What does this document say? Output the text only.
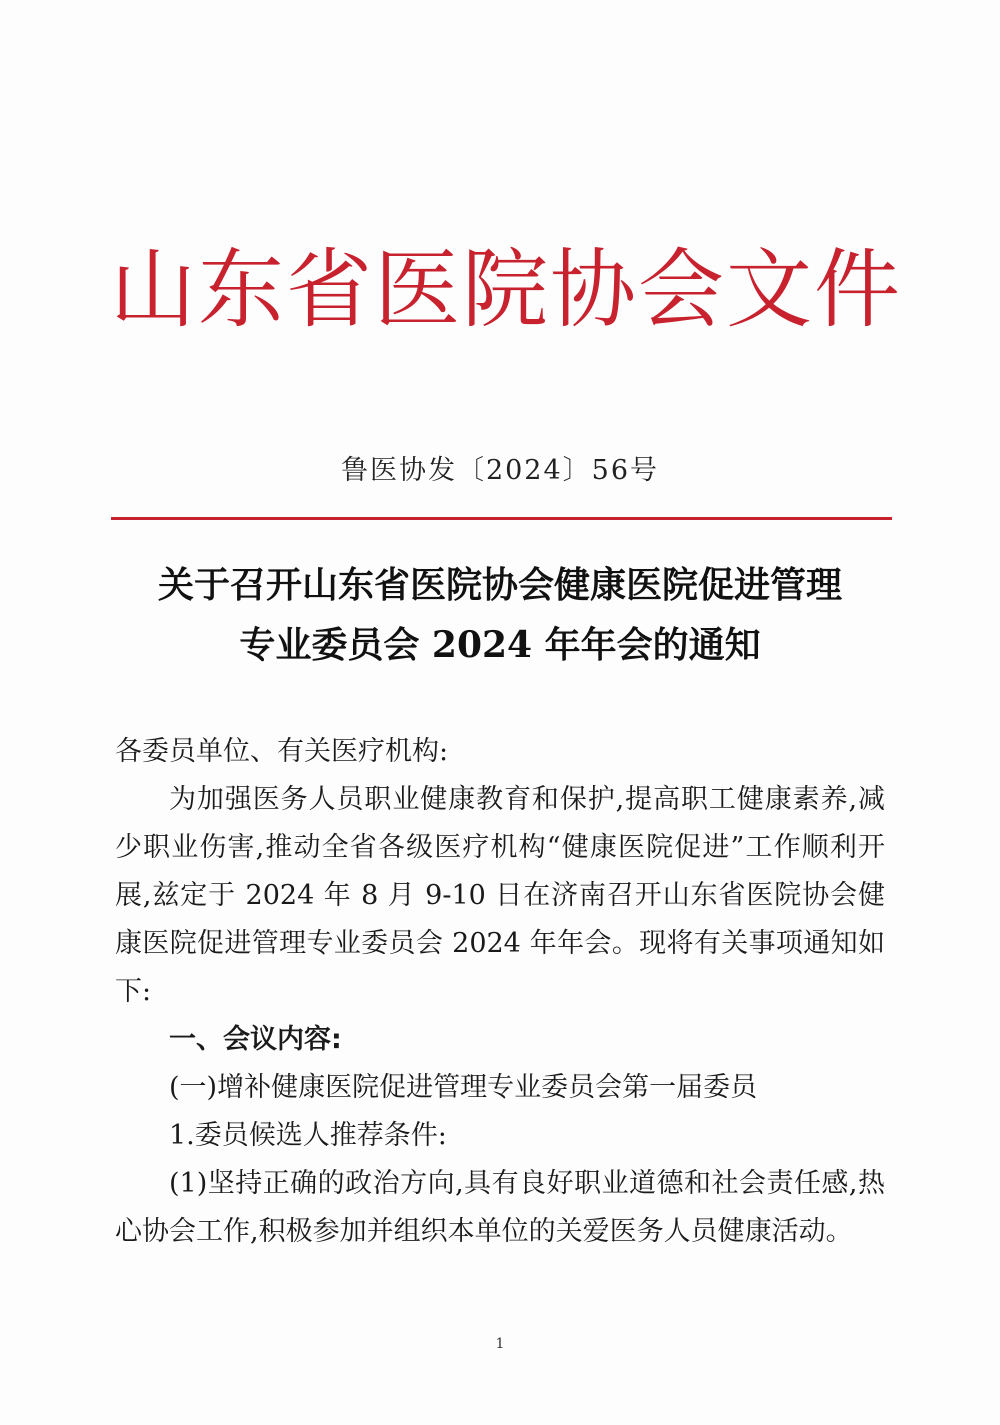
山东省医院协会文件
鲁医协发〔2024〕56号
关于召开山东省医院协会健康医院促进管理
专业委员会 2024 年年会的通知

各委员单位、有关医疗机构:

为加强医务人员职业健康教育和保护,提高职工健康素养,减少职业伤害,推动全省各级医疗机构“健康医院促进”工作顺利开展,兹定于 2024 年 8 月 9-10 日在济南召开山东省医院协会健康医院促进管理专业委员会 2024 年年会。现将有关事项通知如下:

一、会议内容:

(一)增补健康医院促进管理专业委员会第一届委员

1.委员候选人推荐条件:

(1)坚持正确的政治方向,具有良好职业道德和社会责任感,热心协会工作,积极参加并组织本单位的关爱医务人员健康活动。

1
